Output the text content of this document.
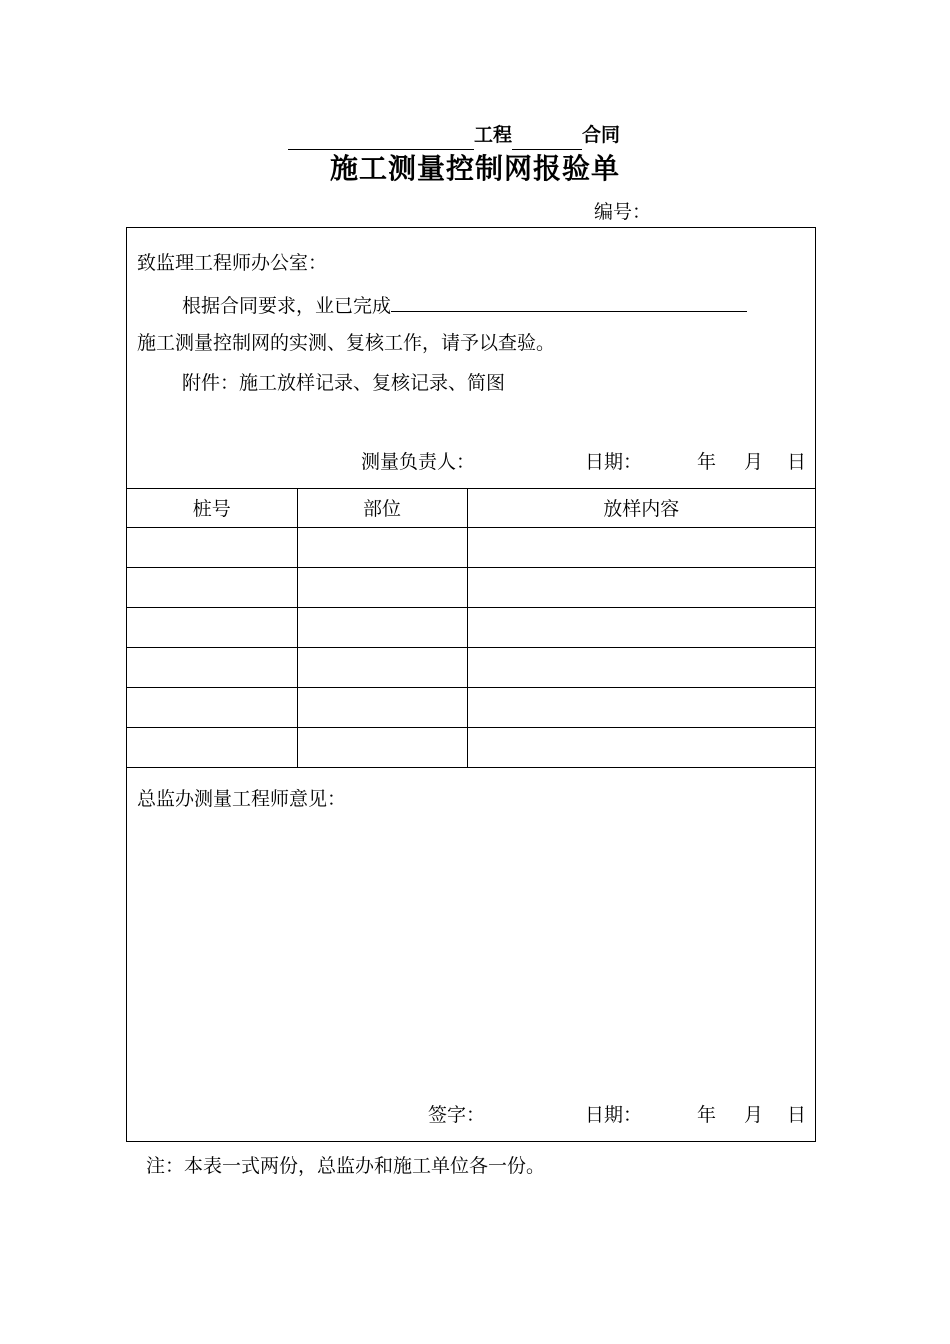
工程	合同
施工测量控制网报验单
编号：
致监理工程师办公室：
根据合同要求，业已完成
施工测量控制网的实测、复核工作，请予以查验。
附件：施工放样记录、复核记录、简图
测量负责人：	日期：	年 月 日
桩号	部位	放样内容

总监办测量工程师意见：
签字：	日期：	年 月 日
注：本表一式两份，总监办和施工单位各一份。
